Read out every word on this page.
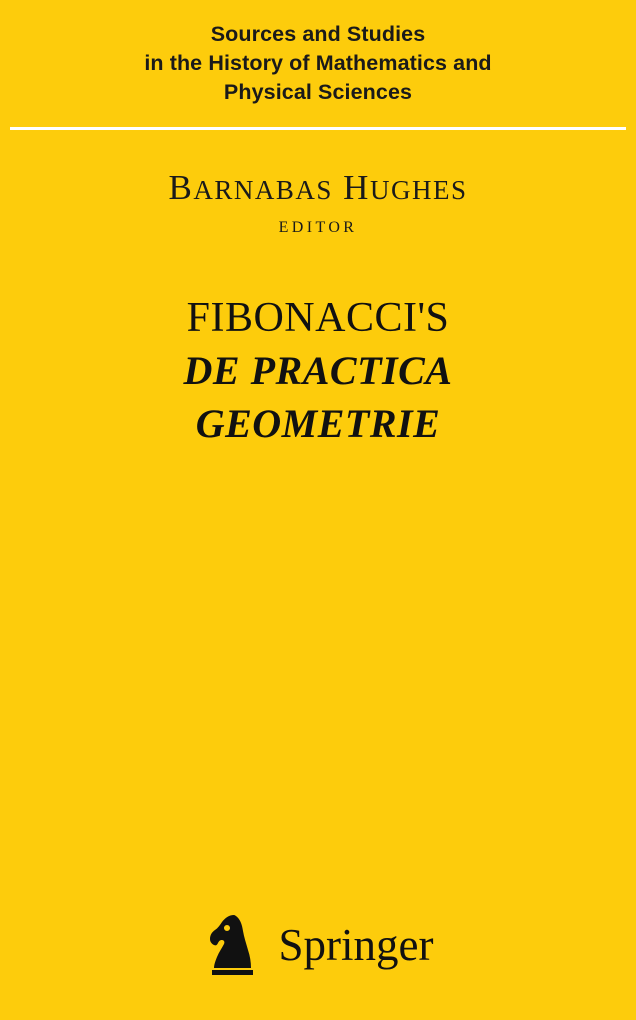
Sources and Studies
in the History of Mathematics and
Physical Sciences
BARNABAS HUGHES
EDITOR
FIBONACCI'S
DE PRACTICA
GEOMETRIE
Springer
